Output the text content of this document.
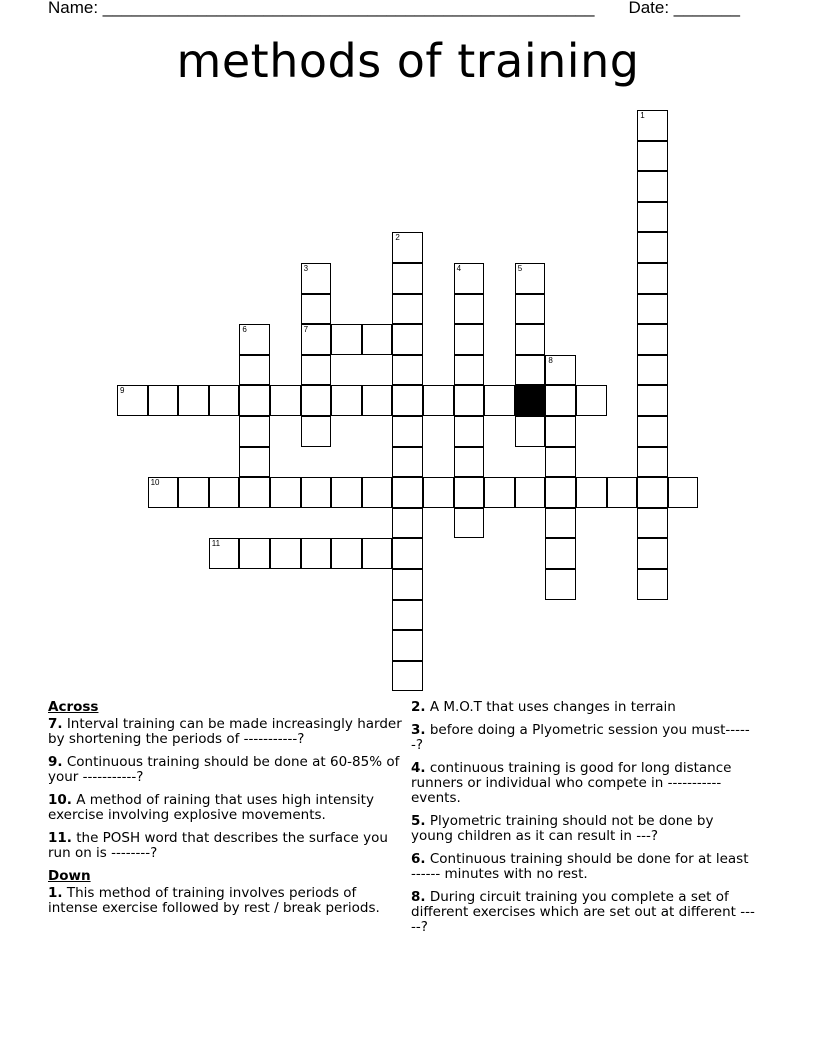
Name: ____________________________________________________ Date: _______
methods of training
1
2
3
7
4	5
6
8
9
10
11
Across
7. Interval training can be made increasingly harder by shortening the periods of -----------?
9. Continuous training should be done at 60-85% of your -----------?
10. A method of raining that uses high intensity exercise involving explosive movements.
11. the POSH word that describes the surface you run on is --------?
Down
1. This method of training involves periods of intense exercise followed by rest / break periods.
2. A M.O.T that uses changes in terrain
3. before doing a Plyometric session you must------?
4. continuous training is good for long distance runners or individual who compete in ----------- events.
5. Plyometric training should not be done by young children as it can result in ---?
6. Continuous training should be done for at least ------ minutes with no rest.
8. During circuit training you complete a set of different exercises which are set out at different -----?
